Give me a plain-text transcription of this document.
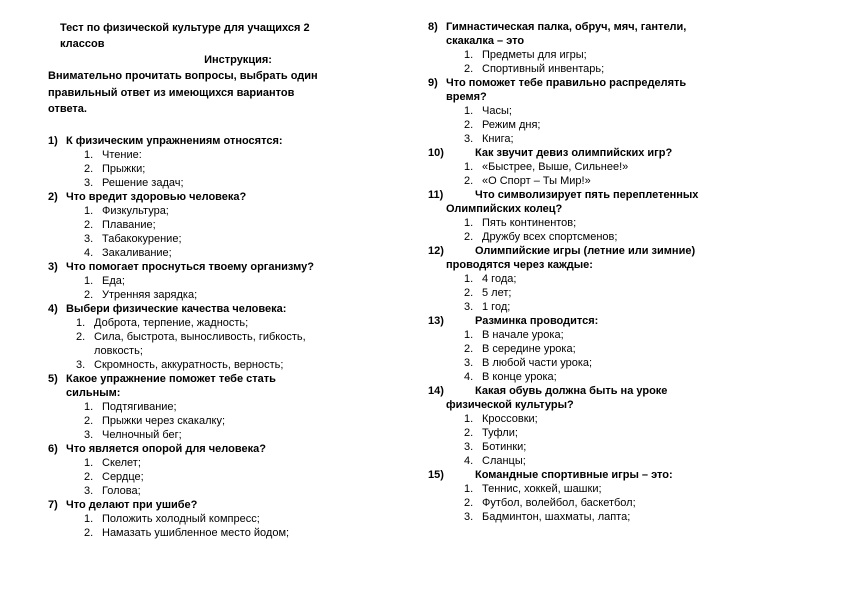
Тест по физической культуре для учащихся 2
классов
Инструкция:
Внимательно прочитать вопросы, выбрать один
правильный ответ из имеющихся вариантов
ответа.
1) К физическим упражнениям относятся:
1. Чтение:
2. Прыжки;
3. Решение задач;
2) Что вредит здоровью человека?
1. Физкультура;
2. Плавание;
3. Табакокурение;
4. Закаливание;
3) Что помогает проснуться твоему организму?
1. Еда;
2. Утренняя зарядка;
4) Выбери физические качества человека:
1. Доброта, терпение, жадность;
2. Сила, быстрота, выносливость, гибкость,
ловкость;
3. Скромность, аккуратность, верность;
5) Какое упражнение поможет тебе стать
сильным:
1. Подтягивание;
2. Прыжки через скакалку;
3. Челночный бег;
6) Что является опорой для человека?
1. Скелет;
2. Сердце;
3. Голова;
7) Что делают при ушибе?
1. Положить холодный компресс;
2. Намазать ушибленное место йодом;
8) Гимнастическая палка, обруч, мяч, гантели,
скакалка – это
1. Предметы для игры;
2. Спортивный инвентарь;
9) Что поможет тебе правильно распределять
время?
1. Часы;
2. Режим дня;
3. Книга;
10)	Как звучит девиз олимпийских игр?
1. «Быстрее, Выше, Сильнее!»
2. «О Спорт – Ты Мир!»
11)	Что символизирует пять переплетенных
Олимпийских колец?
1. Пять континентов;
2. Дружбу всех спортсменов;
12)	Олимпийские игры (летние или зимние)
проводятся через каждые:
1. 4 года;
2. 5 лет;
3. 1 год;
13)	Разминка проводится:
1. В начале урока;
2. В середине урока;
3. В любой части урока;
4. В конце урока;
14)	Какая обувь должна быть на уроке
физической культуры?
1. Кроссовки;
2. Туфли;
3. Ботинки;
4. Сланцы;
15)	Командные спортивные игры – это:
1. Теннис, хоккей, шашки;
2. Футбол, волейбол, баскетбол;
3. Бадминтон, шахматы, лапта;
